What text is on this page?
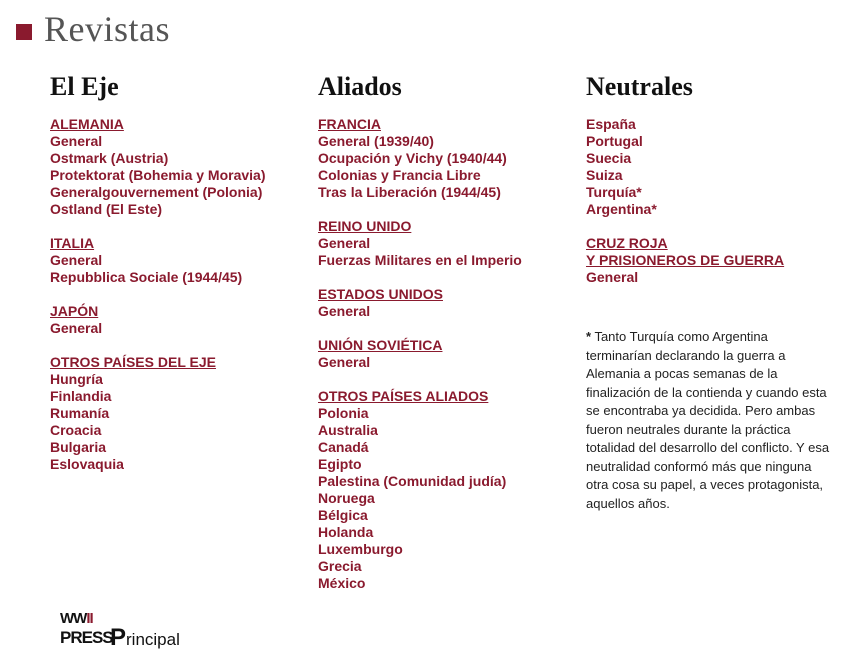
Revistas
El Eje
ALEMANIA
General
Ostmark (Austria)
Protektorat (Bohemia y Moravia)
Generalgouvernement (Polonia)
Ostland (El Este)
ITALIA
General
Repubblica Sociale (1944/45)
JAPÓN
General
OTROS PAÍSES DEL EJE
Hungría
Finlandia
Rumanía
Croacia
Bulgaria
Eslovaquia
Aliados
FRANCIA
General (1939/40)
Ocupación y Vichy (1940/44)
Colonias y Francia Libre
Tras la Liberación (1944/45)
REINO UNIDO
General
Fuerzas Militares en el Imperio
ESTADOS UNIDOS
General
UNIÓN SOVIÉTICA
General
OTROS PAÍSES ALIADOS
Polonia
Australia
Canadá
Egipto
Palestina (Comunidad judía)
Noruega
Bélgica
Holanda
Luxemburgo
Grecia
México
Neutrales
España
Portugal
Suecia
Suiza
Turquía*
Argentina*
CRUZ ROJA
Y PRISIONEROS DE GUERRA
General
* Tanto Turquía como Argentina terminarían declarando la guerra a Alemania a pocas semanas de la finalización de la contienda y cuando esta se encontraba ya decidida. Pero ambas fueron neutrales durante la práctica totalidad del desarrollo del conflicto. Y esa neutralidad conformó más que ninguna otra cosa su papel, a veces protagonista, aquellos años.
WWII
PRESS
P rincipal
